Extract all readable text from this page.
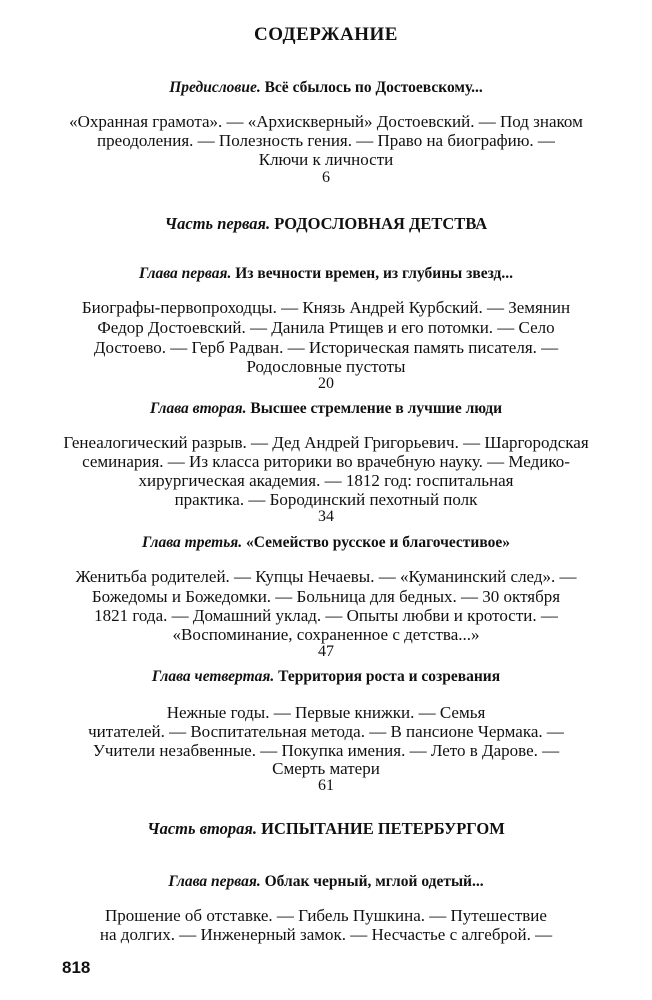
СОДЕРЖАНИЕ
Предисловие. Всё сбылось по Достоевскому...
«Охранная грамота». — «Архискверный» Достоевский. — Под знаком
преодоления. — Полезность гения. — Право на биографию. —
Ключи к личности
6
Часть первая. РОДОСЛОВНАЯ ДЕТСТВА
Глава первая. Из вечности времен, из глубины звезд...
Биографы-первопроходцы. — Князь Андрей Курбский. — Земянин
Федор Достоевский. — Данила Ртищев и его потомки. — Село
Достоево. — Герб Радван. — Историческая память писателя. —
Родословные пустоты
20
Глава вторая. Высшее стремление в лучшие люди
Генеалогический разрыв. — Дед Андрей Григорьевич. — Шаргородская
семинария. — Из класса риторики во врачебную науку. — Медико-
хирургическая академия. — 1812 год: госпитальная
практика. — Бородинский пехотный полк
34
Глава третья. «Семейство русское и благочестивое»
Женитьба родителей. — Купцы Нечаевы. — «Куманинский след». —
Божедомы и Божедомки. — Больница для бедных. — 30 октября
1821 года. — Домашний уклад. — Опыты любви и кротости. —
«Воспоминание, сохраненное с детства...»
47
Глава четвертая. Территория роста и созревания
Нежные годы. — Первые книжки. — Семья
читателей. — Воспитательная метода. — В пансионе Чермака. —
Учители незабвенные. — Покупка имения. — Лето в Дарове. —
Смерть матери
61
Часть вторая. ИСПЫТАНИЕ ПЕТЕРБУРГОМ
Глава первая. Облак черный, мглой одетый...
Прошение об отставке. — Гибель Пушкина. — Путешествие
на долгих. — Инженерный замок. — Несчастье с алгеброй. —
818
